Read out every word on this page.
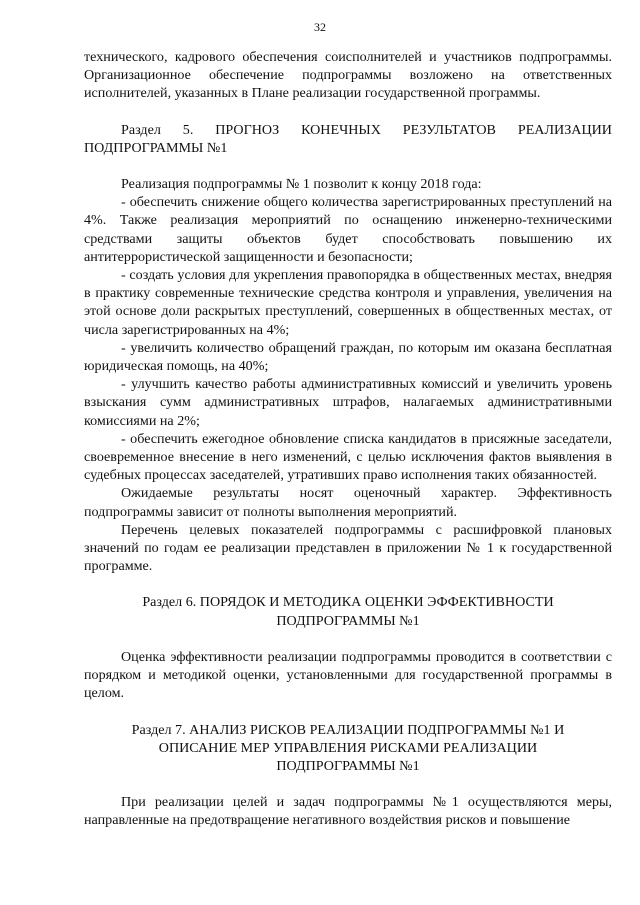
32

технического, кадрового обеспечения соисполнителей и участников подпрограммы. Организационное обеспечение подпрограммы возложено на ответственных исполнителей, указанных в Плане реализации государственной программы.

Раздел 5. ПРОГНОЗ КОНЕЧНЫХ РЕЗУЛЬТАТОВ РЕАЛИЗАЦИИ ПОДПРОГРАММЫ №1

Реализация подпрограммы № 1 позволит к концу 2018 года:

- обеспечить снижение общего количества зарегистрированных преступлений на 4%. Также реализация мероприятий по оснащению инженерно-техническими средствами защиты объектов будет способствовать повышению их антитеррористической защищенности и безопасности;

- создать условия для укрепления правопорядка в общественных местах, внедряя в практику современные технические средства контроля и управления, увеличения на этой основе доли раскрытых преступлений, совершенных в общественных местах, от числа зарегистрированных на 4%;

- увеличить количество обращений граждан, по которым им оказана бесплатная юридическая помощь, на 40%;

- улучшить качество работы административных комиссий и увеличить уровень взыскания сумм административных штрафов, налагаемых административными комиссиями на 2%;

- обеспечить ежегодное обновление списка кандидатов в присяжные заседатели, своевременное внесение в него изменений, с целью исключения фактов выявления в судебных процессах заседателей, утративших право исполнения таких обязанностей.

Ожидаемые результаты носят оценочный характер. Эффективность подпрограммы зависит от полноты выполнения мероприятий.

Перечень целевых показателей подпрограммы с расшифровкой плановых значений по годам ее реализации представлен в приложении № 1 к государственной программе.

Раздел 6. ПОРЯДОК И МЕТОДИКА ОЦЕНКИ ЭФФЕКТИВНОСТИ
ПОДПРОГРАММЫ №1

Оценка эффективности реализации подпрограммы проводится в соответствии с порядком и методикой оценки, установленными для государственной программы в целом.

Раздел 7. АНАЛИЗ РИСКОВ РЕАЛИЗАЦИИ ПОДПРОГРАММЫ №1 И
ОПИСАНИЕ МЕР УПРАВЛЕНИЯ РИСКАМИ РЕАЛИЗАЦИИ
ПОДПРОГРАММЫ №1

При реализации целей и задач подпрограммы №1 осуществляются меры, направленные на предотвращение негативного воздействия рисков и повышение
